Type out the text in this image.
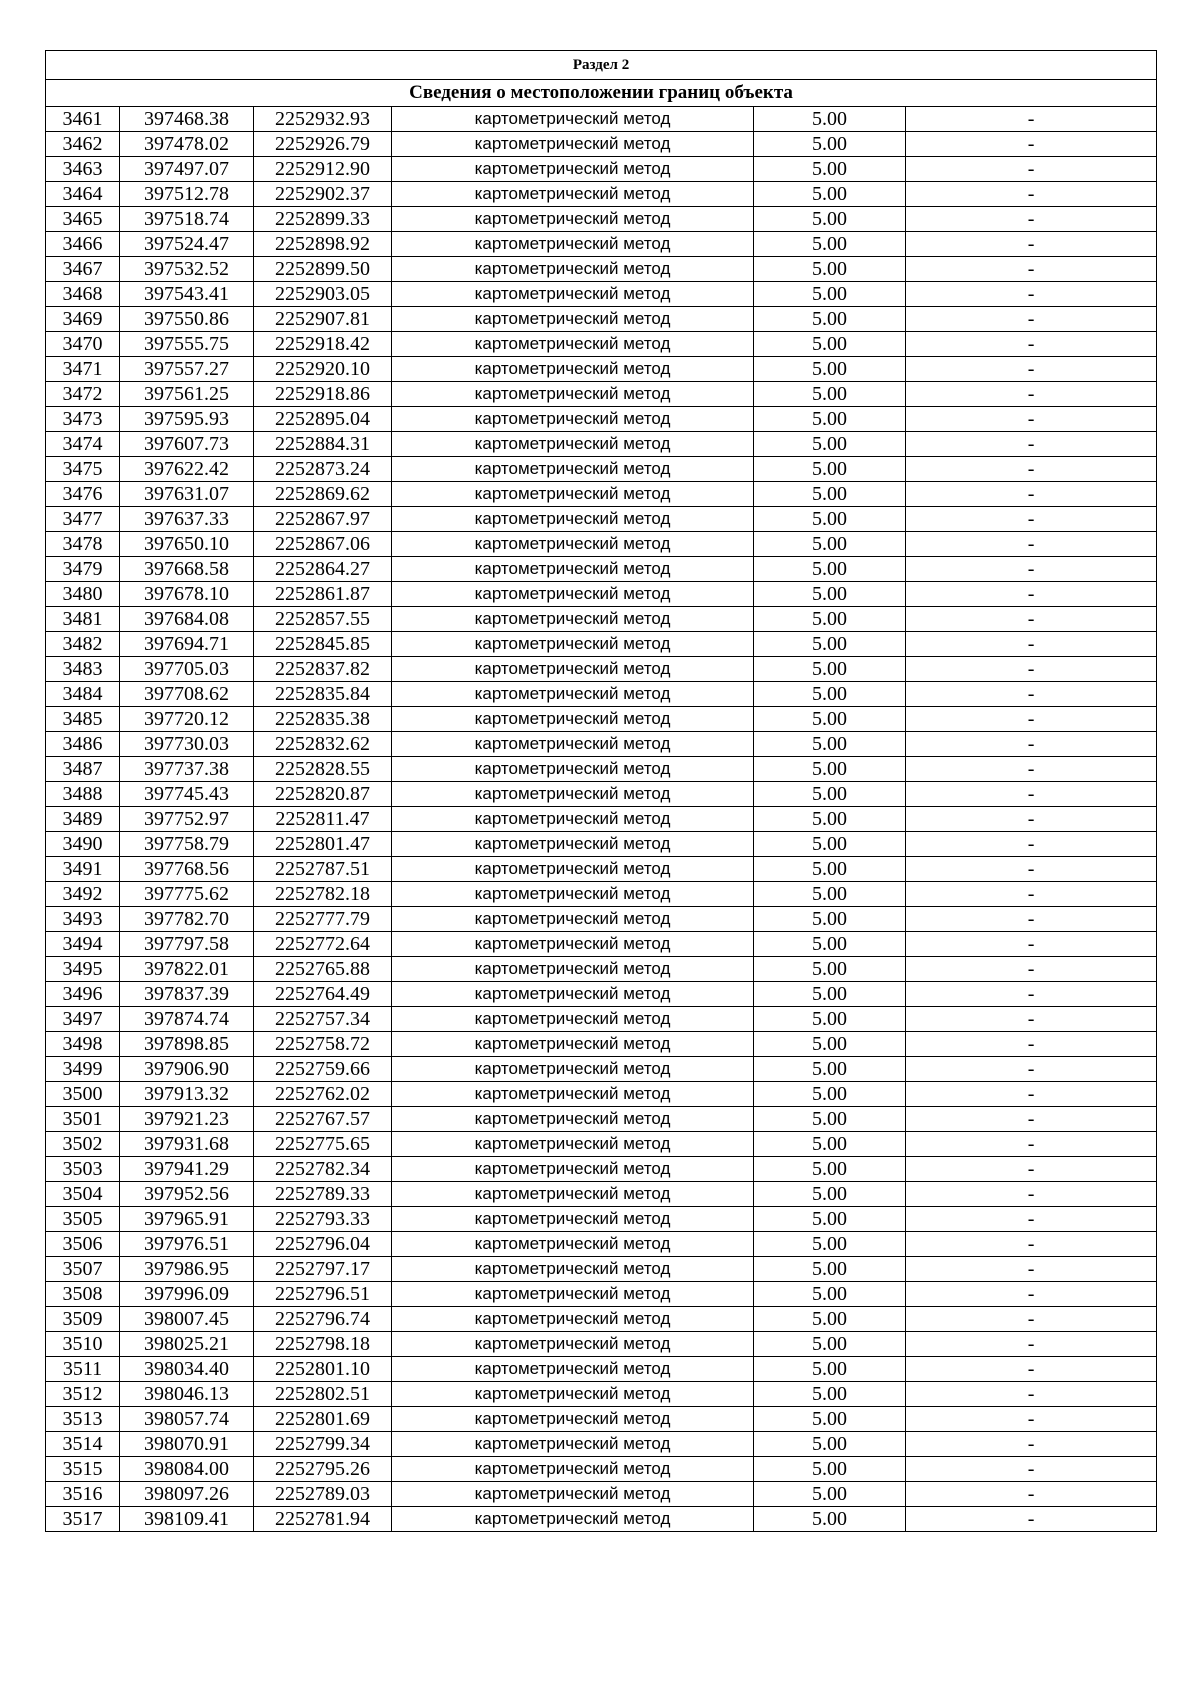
Раздел 2					
Сведения о местоположении границ объекта					
3461	397468.38	2252932.93	картометрический метод	5.00	-
3462	397478.02	2252926.79	картометрический метод	5.00	-
3463	397497.07	2252912.90	картометрический метод	5.00	-
3464	397512.78	2252902.37	картометрический метод	5.00	-
3465	397518.74	2252899.33	картометрический метод	5.00	-
3466	397524.47	2252898.92	картометрический метод	5.00	-
3467	397532.52	2252899.50	картометрический метод	5.00	-
3468	397543.41	2252903.05	картометрический метод	5.00	-
3469	397550.86	2252907.81	картометрический метод	5.00	-
3470	397555.75	2252918.42	картометрический метод	5.00	-
3471	397557.27	2252920.10	картометрический метод	5.00	-
3472	397561.25	2252918.86	картометрический метод	5.00	-
3473	397595.93	2252895.04	картометрический метод	5.00	-
3474	397607.73	2252884.31	картометрический метод	5.00	-
3475	397622.42	2252873.24	картометрический метод	5.00	-
3476	397631.07	2252869.62	картометрический метод	5.00	-
3477	397637.33	2252867.97	картометрический метод	5.00	-
3478	397650.10	2252867.06	картометрический метод	5.00	-
3479	397668.58	2252864.27	картометрический метод	5.00	-
3480	397678.10	2252861.87	картометрический метод	5.00	-
3481	397684.08	2252857.55	картометрический метод	5.00	-
3482	397694.71	2252845.85	картометрический метод	5.00	-
3483	397705.03	2252837.82	картометрический метод	5.00	-
3484	397708.62	2252835.84	картометрический метод	5.00	-
3485	397720.12	2252835.38	картометрический метод	5.00	-
3486	397730.03	2252832.62	картометрический метод	5.00	-
3487	397737.38	2252828.55	картометрический метод	5.00	-
3488	397745.43	2252820.87	картометрический метод	5.00	-
3489	397752.97	2252811.47	картометрический метод	5.00	-
3490	397758.79	2252801.47	картометрический метод	5.00	-
3491	397768.56	2252787.51	картометрический метод	5.00	-
3492	397775.62	2252782.18	картометрический метод	5.00	-
3493	397782.70	2252777.79	картометрический метод	5.00	-
3494	397797.58	2252772.64	картометрический метод	5.00	-
3495	397822.01	2252765.88	картометрический метод	5.00	-
3496	397837.39	2252764.49	картометрический метод	5.00	-
3497	397874.74	2252757.34	картометрический метод	5.00	-
3498	397898.85	2252758.72	картометрический метод	5.00	-
3499	397906.90	2252759.66	картометрический метод	5.00	-
3500	397913.32	2252762.02	картометрический метод	5.00	-
3501	397921.23	2252767.57	картометрический метод	5.00	-
3502	397931.68	2252775.65	картометрический метод	5.00	-
3503	397941.29	2252782.34	картометрический метод	5.00	-
3504	397952.56	2252789.33	картометрический метод	5.00	-
3505	397965.91	2252793.33	картометрический метод	5.00	-
3506	397976.51	2252796.04	картометрический метод	5.00	-
3507	397986.95	2252797.17	картометрический метод	5.00	-
3508	397996.09	2252796.51	картометрический метод	5.00	-
3509	398007.45	2252796.74	картометрический метод	5.00	-
3510	398025.21	2252798.18	картометрический метод	5.00	-
3511	398034.40	2252801.10	картометрический метод	5.00	-
3512	398046.13	2252802.51	картометрический метод	5.00	-
3513	398057.74	2252801.69	картометрический метод	5.00	-
3514	398070.91	2252799.34	картометрический метод	5.00	-
3515	398084.00	2252795.26	картометрический метод	5.00	-
3516	398097.26	2252789.03	картометрический метод	5.00	-
3517	398109.41	2252781.94	картометрический метод	5.00	-
